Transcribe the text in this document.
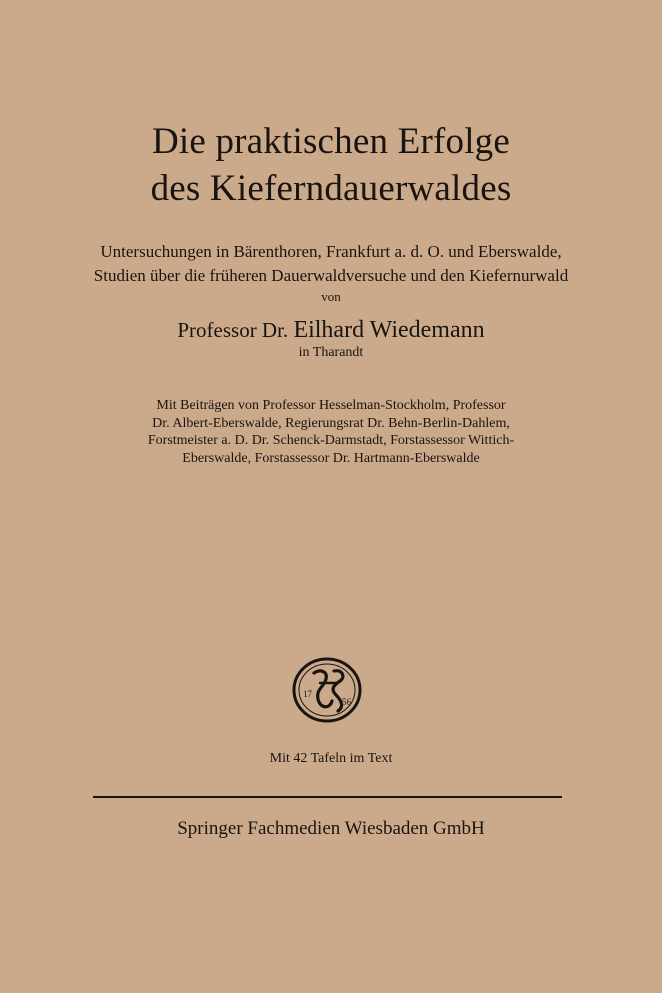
Die praktischen Erfolge
des Kieferndauerwaldes
Untersuchungen in Bärenthoren, Frankfurt a. d. O. und Eberswalde,
Studien über die früheren Dauerwaldversuche und den Kiefernurwald
von
Professor Dr. Eilhard Wiedemann
in Tharandt
Mit Beiträgen von Professor Hesselman-Stockholm, Professor
Dr. Albert-Eberswalde, Regierungsrat Dr. Behn-Berlin-Dahlem,
Forstmeister a. D. Dr. Schenck-Darmstadt, Forstassessor Wittich-
Eberswalde, Forstassessor Dr. Hartmann-Eberswalde
17
56
Mit 42 Tafeln im Text
Springer Fachmedien Wiesbaden GmbH
